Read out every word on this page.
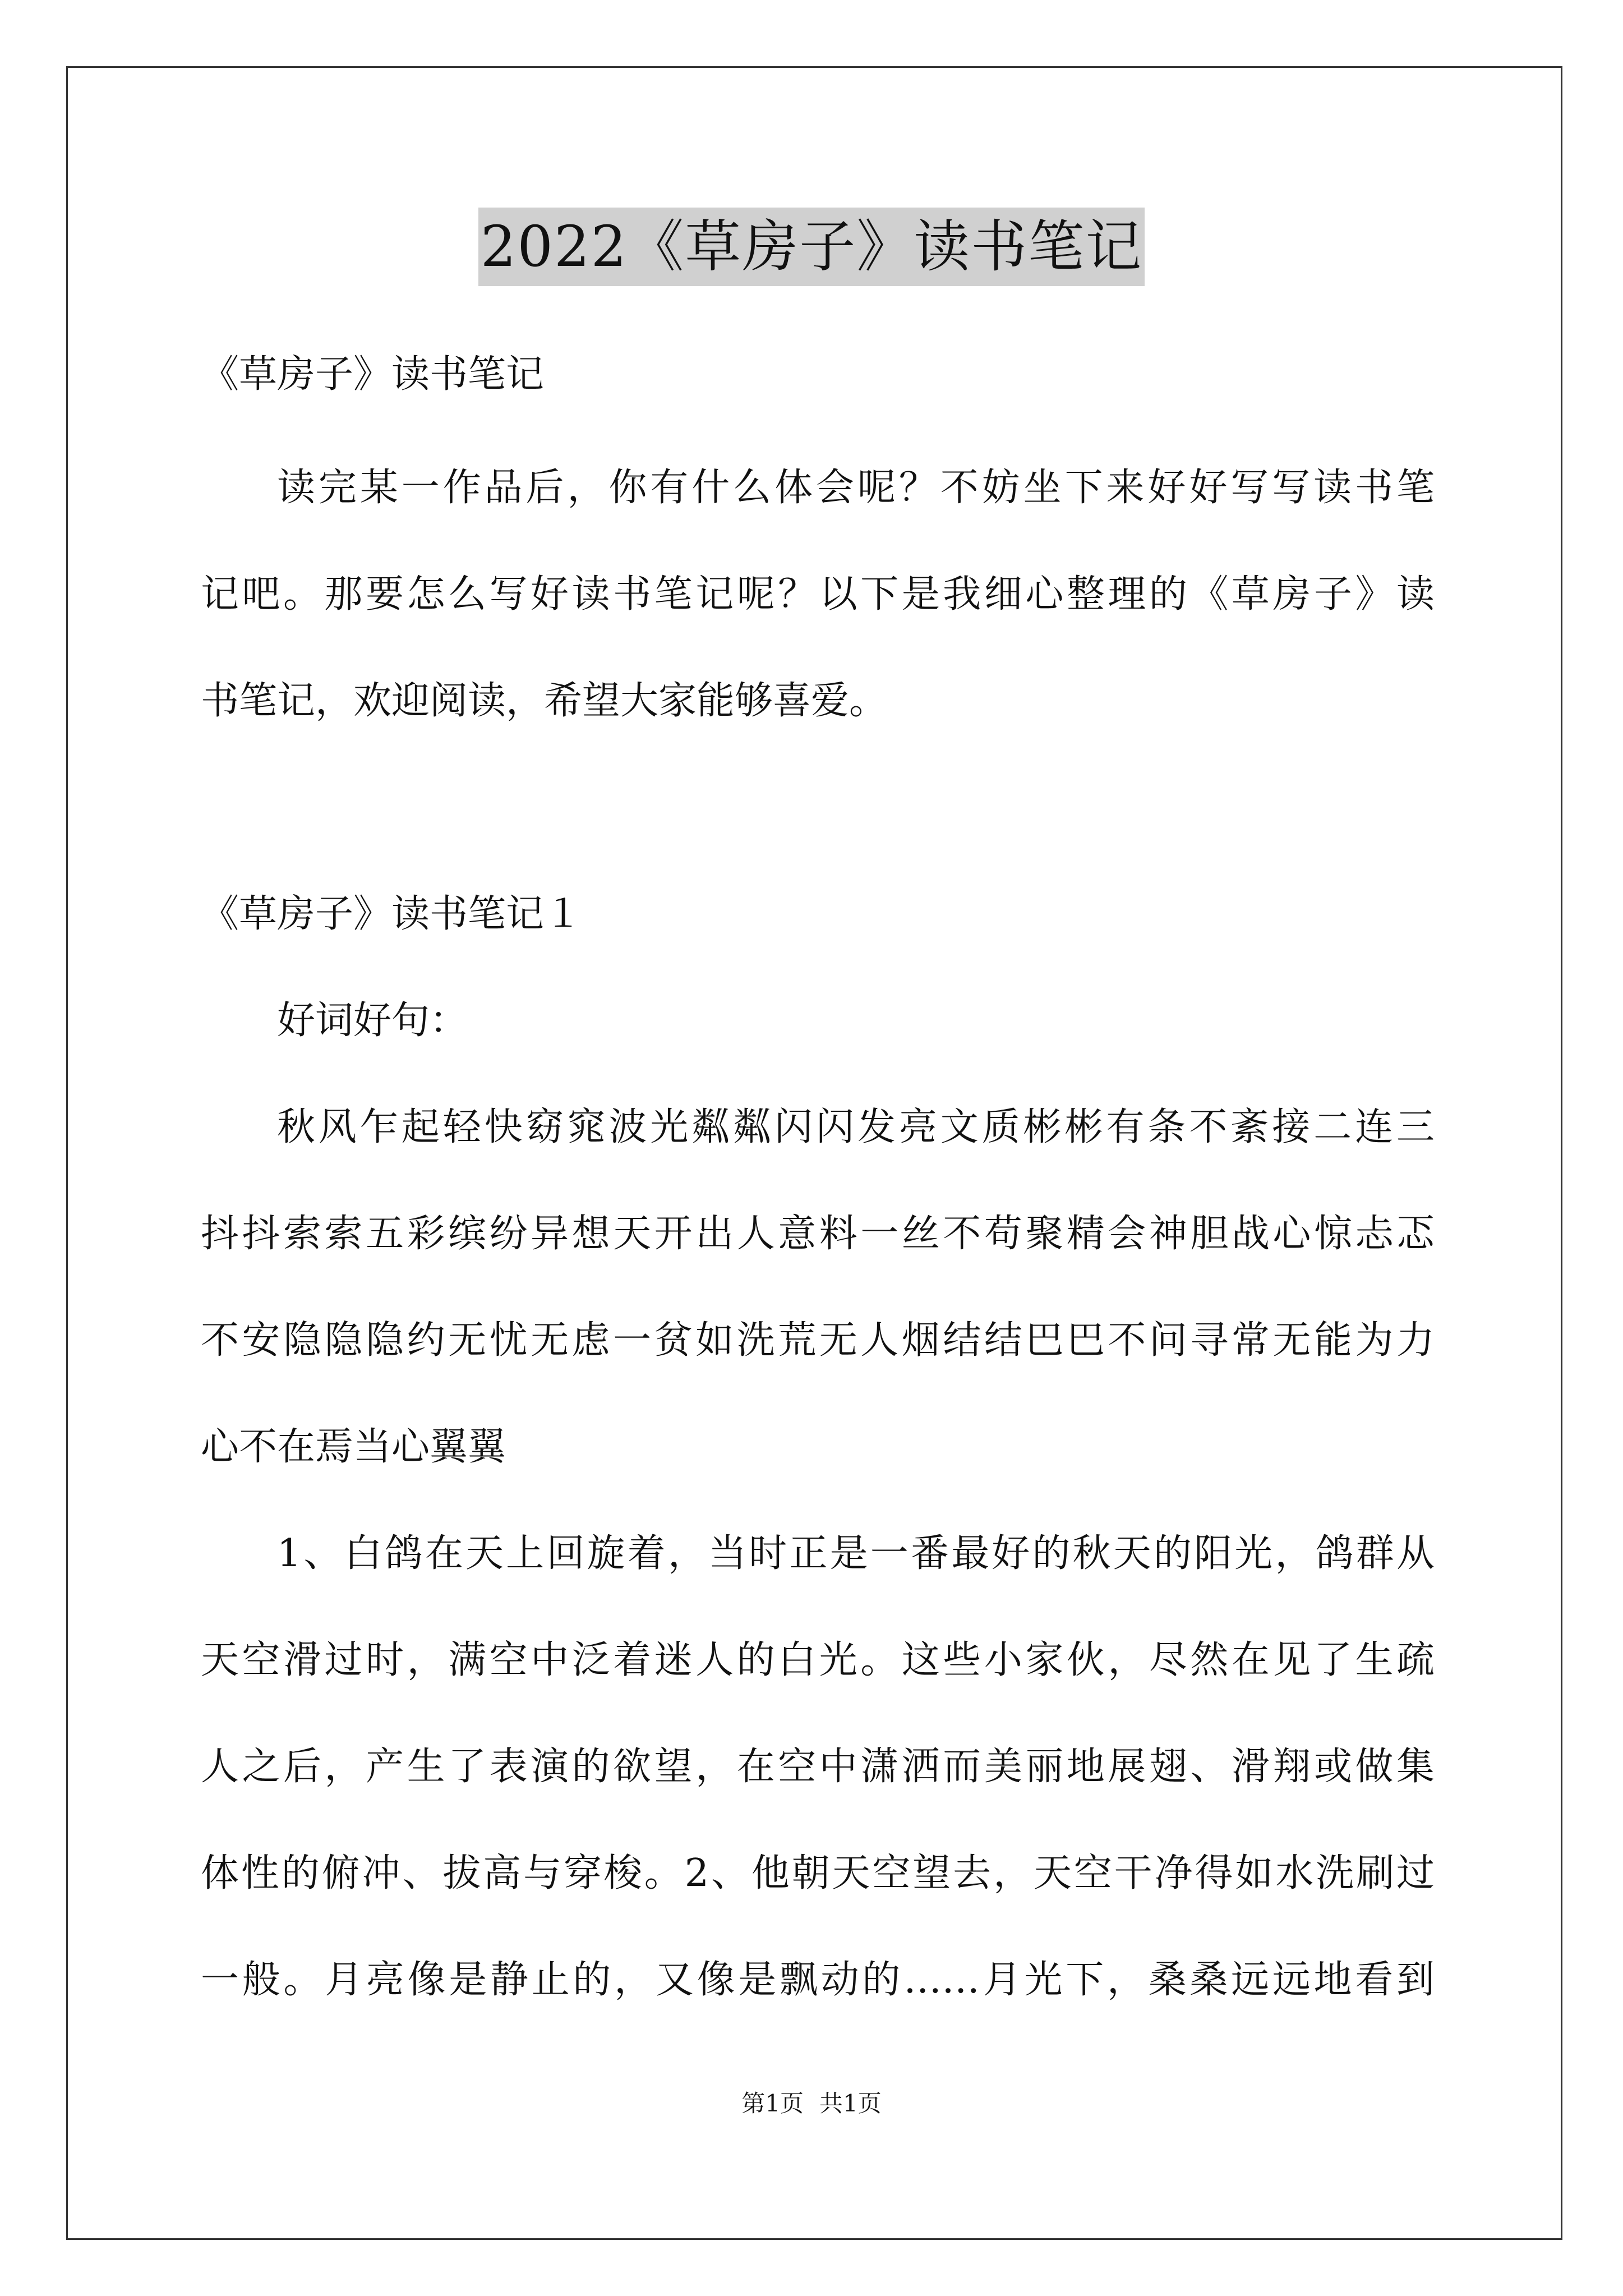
2022《草房子》读书笔记
《草房子》读书笔记
读完某一作品后，你有什么体会呢？不妨坐下来好好写写读书笔
记吧。那要怎么写好读书笔记呢？以下是我细心整理的《草房子》读
书笔记，欢迎阅读，希望大家能够喜爱。
《草房子》读书笔记１
好词好句：
秋风乍起轻快窈窕波光粼粼闪闪发亮文质彬彬有条不紊接二连三
抖抖索索五彩缤纷异想天开出人意料一丝不苟聚精会神胆战心惊忐忑
不安隐隐隐约无忧无虑一贫如洗荒无人烟结结巴巴不问寻常无能为力
心不在焉当心翼翼
1、白鸽在天上回旋着，当时正是一番最好的秋天的阳光，鸽群从
天空滑过时，满空中泛着迷人的白光。这些小家伙，尽然在见了生疏
人之后，产生了表演的欲望，在空中潇洒而美丽地展翅、滑翔或做集
体性的俯冲、拔高与穿梭。2、他朝天空望去，天空干净得如水洗刷过
一般。月亮像是静止的，又像是飘动的……月光下，桑桑远远地看到
第1页 共1页
